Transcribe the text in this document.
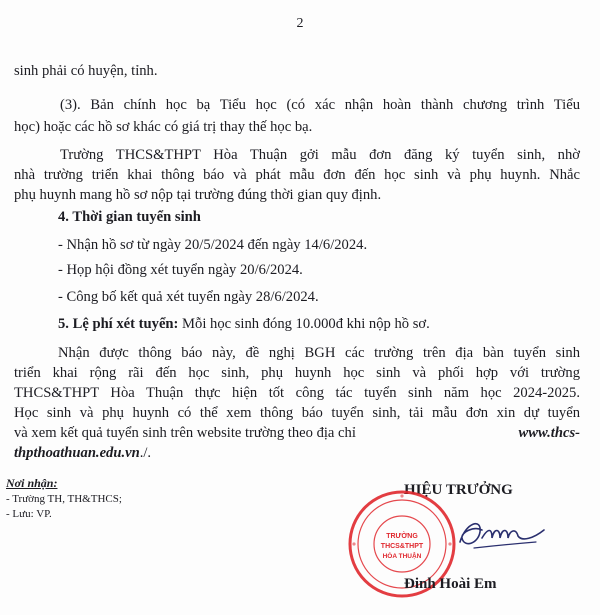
2
sinh phải có huyện, tỉnh.
(3). Bản chính học bạ Tiểu học (có xác nhận hoàn thành chương trình Tiểu
học) hoặc các hồ sơ khác có giá trị thay thế học bạ.
Trường THCS&THPT Hòa Thuận gởi mẫu đơn đăng ký tuyển sinh, nhờ
nhà trường triển khai thông báo và phát mẫu đơn đến học sinh và phụ huynh. Nhắc
phụ huynh mang hồ sơ nộp tại trường đúng thời gian quy định.
4. Thời gian tuyển sinh
- Nhận hồ sơ từ ngày 20/5/2024 đến ngày 14/6/2024.
- Họp hội đồng xét tuyển ngày 20/6/2024.
- Công bố kết quả xét tuyển ngày 28/6/2024.
5. Lệ phí xét tuyển: Mỗi học sinh đóng 10.000đ khi nộp hồ sơ.
Nhận được thông báo này, đề nghị BGH các trường trên địa bàn tuyển sinh
triển khai rộng rãi đến học sinh, phụ huynh học sinh và phối hợp với trường
THCS&THPT Hòa Thuận thực hiện tốt công tác tuyển sinh năm học 2024-2025.
Học sinh và phụ huynh có thể xem thông báo tuyển sinh, tải mẫu đơn xin dự tuyển
và xem kết quả tuyển sinh trên website trường theo địa chỉ	www.thcs-
thpthoathuan.edu.vn./.
Nơi nhận:
- Trường TH, TH&THCS;
- Lưu: VP.
HIỆU TRƯỞNG
TRƯỜNG
THCS&THPT
HÒA THUẬN
Đinh Hoài Em
